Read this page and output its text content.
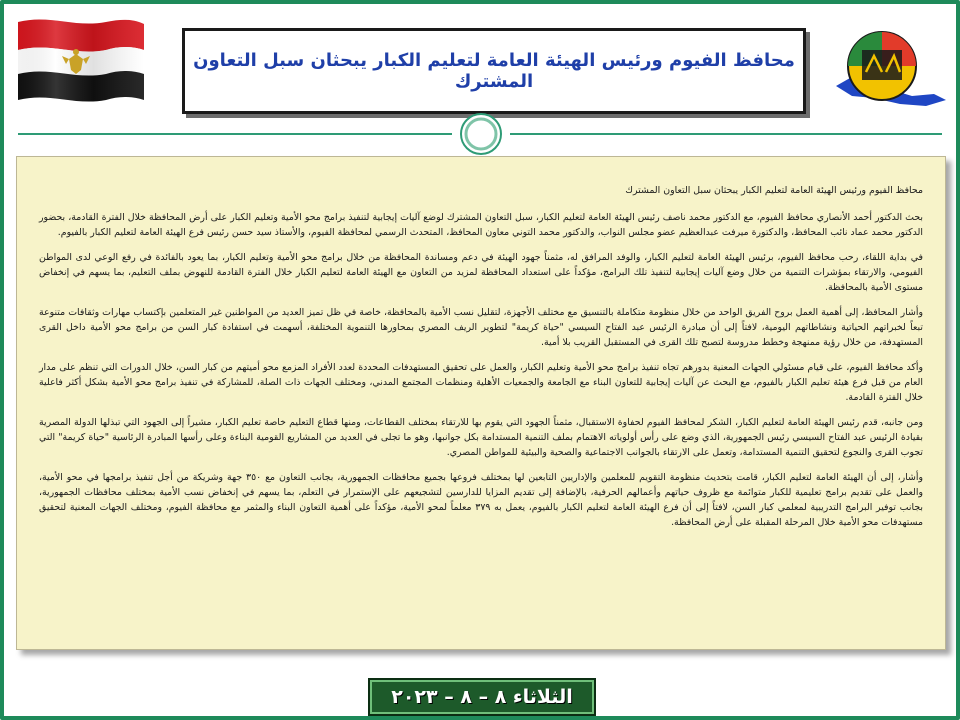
محافظ الفيوم ورئيس الهيئة العامة لتعليم الكبار يبحثان سبل التعاون المشترك

محافظ الفيوم ورئيس الهيئة العامة لتعليم الكبار يبحثان سبل التعاون المشترك

بحث الدكتور أحمد الأنصاري محافظ الفيوم، مع الدكتور محمد ناصف رئيس الهيئة العامة لتعليم الكبار، سبل التعاون المشترك لوضع آليات إيجابية لتنفيذ برامج محو الأمية وتعليم الكبار على أرض المحافظة خلال الفترة القادمة، بحضور الدكتور محمد عماد نائب المحافظ، والدكتورة ميرفت عبدالعظيم عضو مجلس النواب، والدكتور محمد التوني معاون المحافظ، المتحدث الرسمي لمحافظة الفيوم، والأستاذ سيد حسن رئيس فرع الهيئة العامة لتعليم الكبار بالفيوم.

في بداية اللقاء، رحب محافظ الفيوم، برئيس الهيئة العامة لتعليم الكبار، والوفد المرافق له، مثمناً جهود الهيئة في دعم ومساندة المحافظة من خلال برامج محو الأمية وتعليم الكبار، بما يعود بالفائدة في رفع الوعي لدى المواطن الفيومي، والارتقاء بمؤشرات التنمية من خلال وضع آليات إيجابية لتنفيذ تلك البرامج، مؤكداً على استعداد المحافظة لمزيد من التعاون مع الهيئة العامة لتعليم الكبار خلال الفترة القادمة للنهوض بملف التعليم، بما يسهم في إنخفاض مستوى الأمية بالمحافظة.

وأشار المحافظ، إلى أهمية العمل بروح الفريق الواحد من خلال منظومة متكاملة بالتنسيق مع مختلف الأجهزة، لتقليل نسب الأمية بالمحافظة، خاصة في ظل تميز العديد من المواطنين غير المتعلمين بإكتساب مهارات وثقافات متنوعة تبعاً لخبراتهم الحياتية ونشاطاتهم اليومية، لافتاً إلى أن مبادرة الرئيس عبد الفتاح السيسي "حياة كريمة" لتطوير الريف المصري بمحاورها التنموية المختلفة، أسهمت في استفادة كبار السن من برامج محو الأمية داخل القرى المستهدفة، من خلال رؤية ممنهجة وخطط مدروسة لتصبح تلك القرى في المستقبل القريب بلا أمية.

وأكد محافظ الفيوم، على قيام مسئولي الجهات المعنية بدورهم تجاه تنفيذ برامج محو الأمية وتعليم الكبار، والعمل على تحقيق المستهدفات المحددة لعدد الأفراد المزمع محو أميتهم من كبار السن، خلال الدورات التي تنظم على مدار العام من قبل فرع هيئة تعليم الكبار بالفيوم، مع البحث عن آليات إيجابية للتعاون البناء مع الجامعة والجمعيات الأهلية ومنظمات المجتمع المدني، ومختلف الجهات ذات الصلة، للمشاركة في تنفيذ برامج محو الأمية بشكل أكثر فاعلية خلال الفترة القادمة.

ومن جانبه، قدم رئيس الهيئة العامة لتعليم الكبار، الشكر لمحافظ الفيوم لحفاوة الاستقبال، مثمناً الجهود التي يقوم بها للارتقاء بمختلف القطاعات، ومنها قطاع التعليم خاصة تعليم الكبار، مشيراً إلى الجهود التي تبذلها الدولة المصرية بقيادة الرئيس عبد الفتاح السيسي رئيس الجمهورية، الذي وضع على رأس أولوياته الاهتمام بملف التنمية المستدامة بكل جوانبها، وهو ما تجلى في العديد من المشاريع القومية البناءة وعلى رأسها المبادرة الرئاسية "حياة كريمة" التي تجوب القرى والنجوع لتحقيق التنمية المستدامة، وتعمل على الارتقاء بالجوانب الاجتماعية والصحية والبيئية للمواطن المصري.

وأشار، إلى أن الهيئة العامة لتعليم الكبار، قامت بتحديث منظومة التقويم للمعلمين والإداريين التابعين لها بمختلف فروعها بجميع محافظات الجمهورية، بجانب التعاون مع ٣٥٠ جهة وشريكة من أجل تنفيذ برامجها في محو الأمية، والعمل على تقديم برامج تعليمية للكبار متوائمة مع ظروف حياتهم وأعمالهم الحرفية، بالإضافة إلى تقديم المزايا للدارسين لتشجيعهم على الإستمرار في التعلم، بما يسهم في إنخفاض نسب الأمية بمختلف محافظات الجمهورية، بجانب توفير البرامج التدريبية لمعلمي كبار السن، لافتاً إلى أن فرع الهيئة العامة لتعليم الكبار بالفيوم، يعمل به ٣٧٩ معلماً لمحو الأمية، مؤكداً على أهمية التعاون البناء والمثمر مع محافظة الفيوم، ومختلف الجهات المعنية لتحقيق مستهدفات محو الأمية خلال المرحلة المقبلة على أرض المحافظة.

الثلاثاء ٨ – ٨ – ٢٠٢٣
